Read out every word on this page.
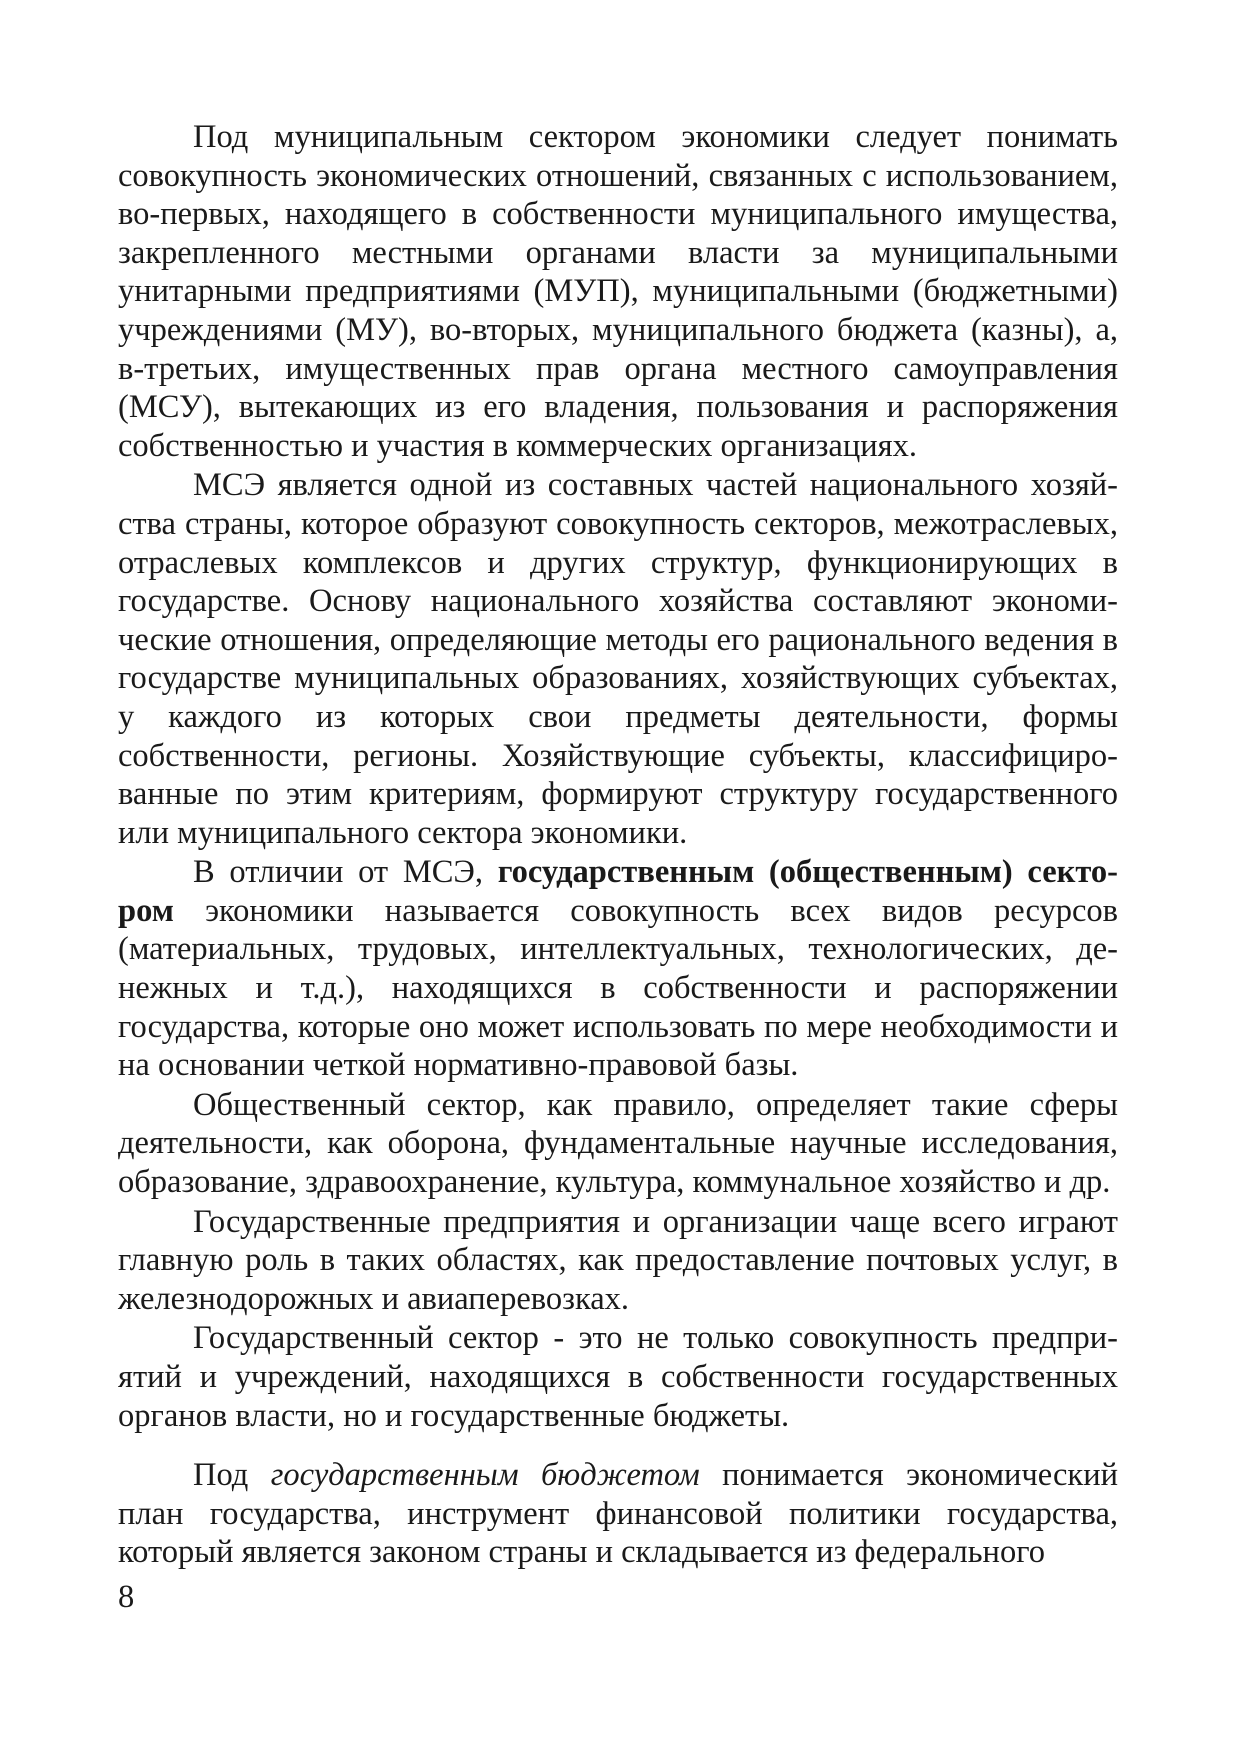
Под муниципальным сектором экономики следует понимать совокупность экономических отношений, связанных с использованием, во-первых, находящего в собственности муниципального имущества, закрепленного местными органами власти за муниципальными унитарными предприятиями (МУП), муниципальными (бюджетными) учреждениями (МУ), во-вторых, муниципального бюджета (казны), а, в-третьих, имущественных прав органа местного самоуправления (МСУ), вытекающих из его владения, пользования и распоряжения собственностью и участия в коммерческих организациях.

МСЭ является одной из составных частей национального хозяйства страны, которое образуют совокупность секторов, межотраслевых, отраслевых комплексов и других структур, функционирующих в государстве. Основу национального хозяйства составляют экономические отношения, определяющие методы его рационального ведения в государстве муниципальных образованиях, хозяйствующих субъектах, у каждого из которых свои предметы деятельности, формы собственности, регионы. Хозяйствующие субъекты, классифицированные по этим критериям, формируют структуру государственного или муниципального сектора экономики.

В отличии от МСЭ, государственным (общественным) сектором экономики называется совокупность всех видов ресурсов (материальных, трудовых, интеллектуальных, технологических, денежных и т.д.), находящихся в собственности и распоряжении государства, которые оно может использовать по мере необходимости и на основании четкой нормативно-правовой базы.

Общественный сектор, как правило, определяет такие сферы деятельности, как оборона, фундаментальные научные исследования, образование, здравоохранение, культура, коммунальное хозяйство и др.

Государственные предприятия и организации чаще всего играют главную роль в таких областях, как предоставление почтовых услуг, в железнодорожных и авиаперевозках.

Государственный сектор - это не только совокупность предприятий и учреждений, находящихся в собственности государственных органов власти, но и государственные бюджеты.

Под государственным бюджетом понимается экономический план государства, инструмент финансовой политики государства, который является законом страны и складывается из федерального

8
